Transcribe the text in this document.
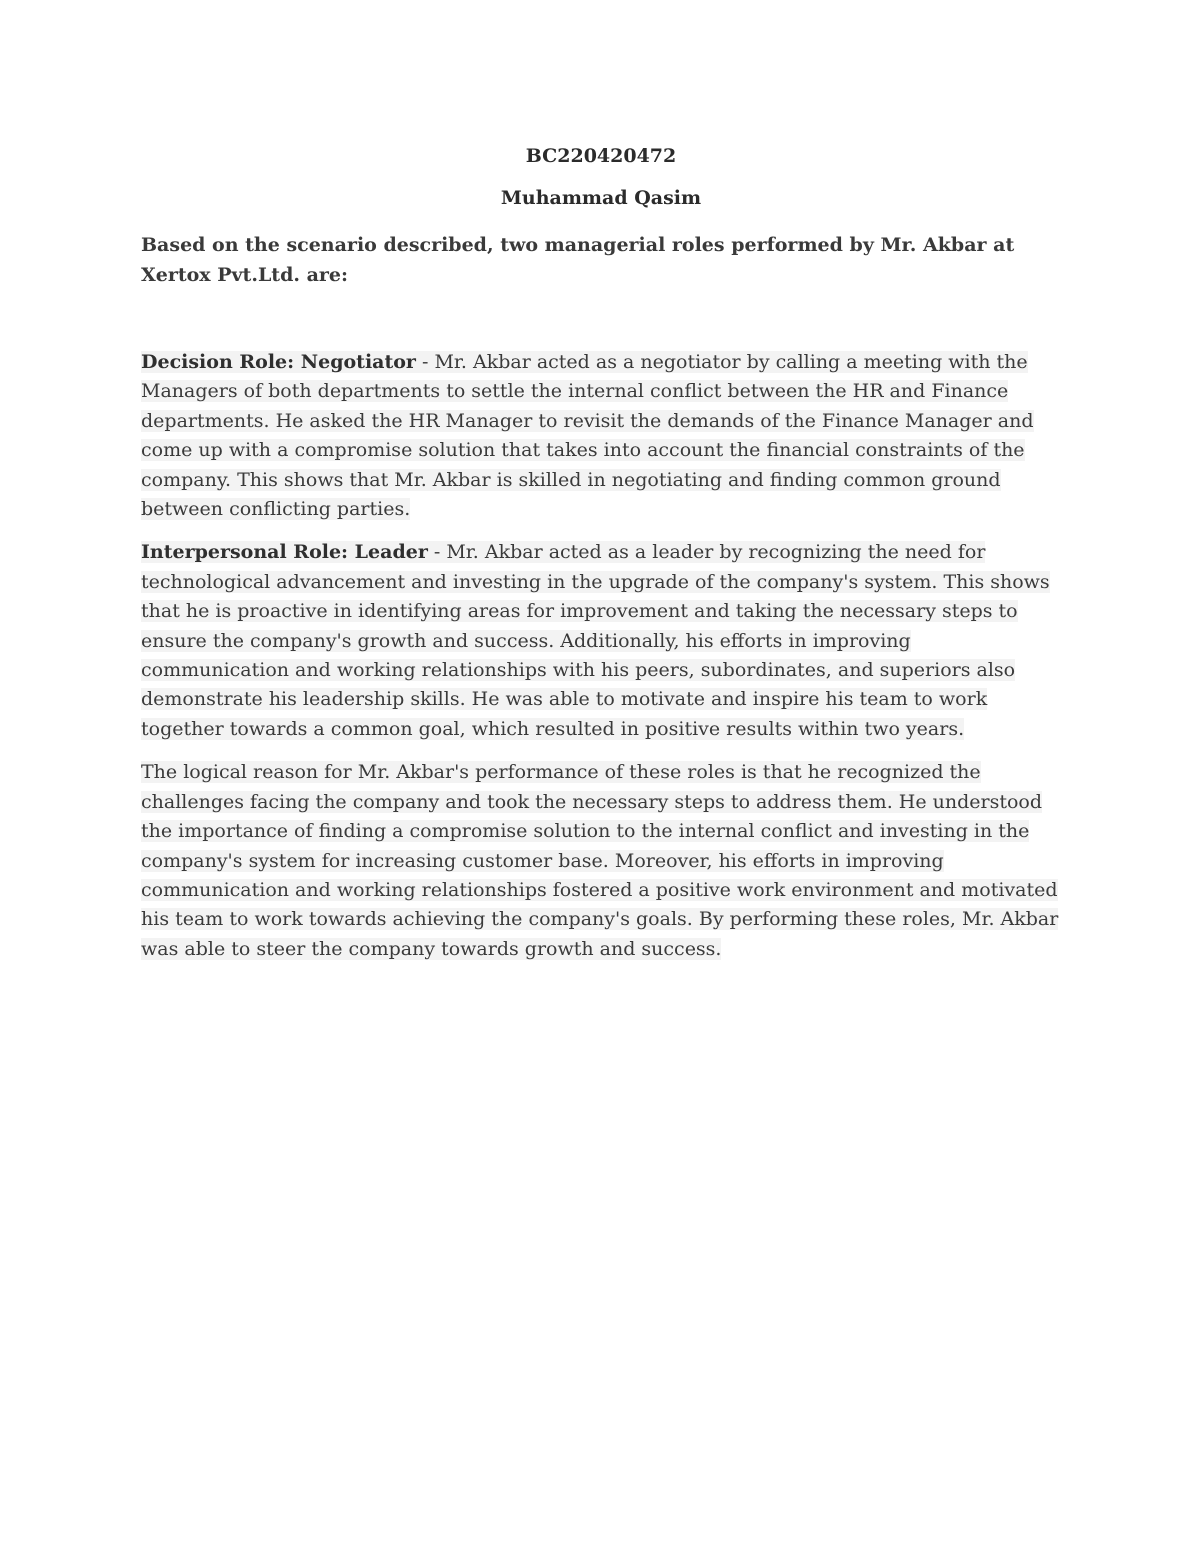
BC220420472

Muhammad Qasim

Based on the scenario described, two managerial roles performed by Mr. Akbar at Xertox Pvt.Ltd. are:

Decision Role: Negotiator - Mr. Akbar acted as a negotiator by calling a meeting with the Managers of both departments to settle the internal conflict between the HR and Finance departments. He asked the HR Manager to revisit the demands of the Finance Manager and come up with a compromise solution that takes into account the financial constraints of the company. This shows that Mr. Akbar is skilled in negotiating and finding common ground between conflicting parties.

Interpersonal Role: Leader - Mr. Akbar acted as a leader by recognizing the need for technological advancement and investing in the upgrade of the company's system. This shows that he is proactive in identifying areas for improvement and taking the necessary steps to ensure the company's growth and success. Additionally, his efforts in improving communication and working relationships with his peers, subordinates, and superiors also demonstrate his leadership skills. He was able to motivate and inspire his team to work together towards a common goal, which resulted in positive results within two years.

The logical reason for Mr. Akbar's performance of these roles is that he recognized the challenges facing the company and took the necessary steps to address them. He understood the importance of finding a compromise solution to the internal conflict and investing in the company's system for increasing customer base. Moreover, his efforts in improving communication and working relationships fostered a positive work environment and motivated his team to work towards achieving the company's goals. By performing these roles, Mr. Akbar was able to steer the company towards growth and success.
